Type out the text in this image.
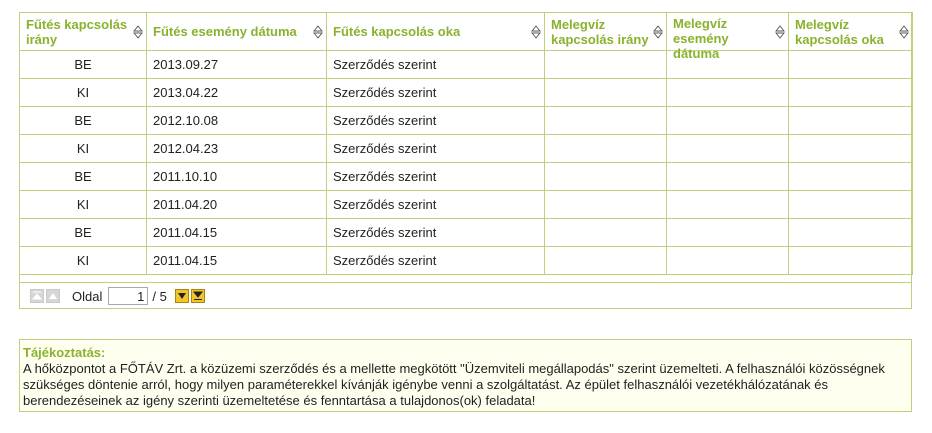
Fűtés kapcsolás irány	Fűtés esemény dátuma	Fűtés kapcsolás oka	Melegvíz kapcsolás irány	Melegvíz esemény dátuma	Melegvíz kapcsolás oka

BE	2013.09.27	Szerződés szerint			
KI	2013.04.22	Szerződés szerint			
BE	2012.10.08	Szerződés szerint			
KI	2012.04.23	Szerződés szerint			
BE	2011.10.10	Szerződés szerint			
KI	2011.04.20	Szerződés szerint			
BE	2011.04.15	Szerződés szerint			
KI	2011.04.15	Szerződés szerint			
Oldal
1	/ 5
Tájékoztatás:
A hőközpontot a FŐTÁV Zrt. a közüzemi szerződés és a mellette megkötött "Üzemviteli megállapodás" szerint üzemelteti. A felhasználói közösségnek szükséges döntenie arról, hogy milyen paraméterekkel kívánják igénybe venni a szolgáltatást. Az épület felhasználói vezetékhálózatának és berendezéseinek az igény szerinti üzemeltetése és fenntartása a tulajdonos(ok) feladata!
